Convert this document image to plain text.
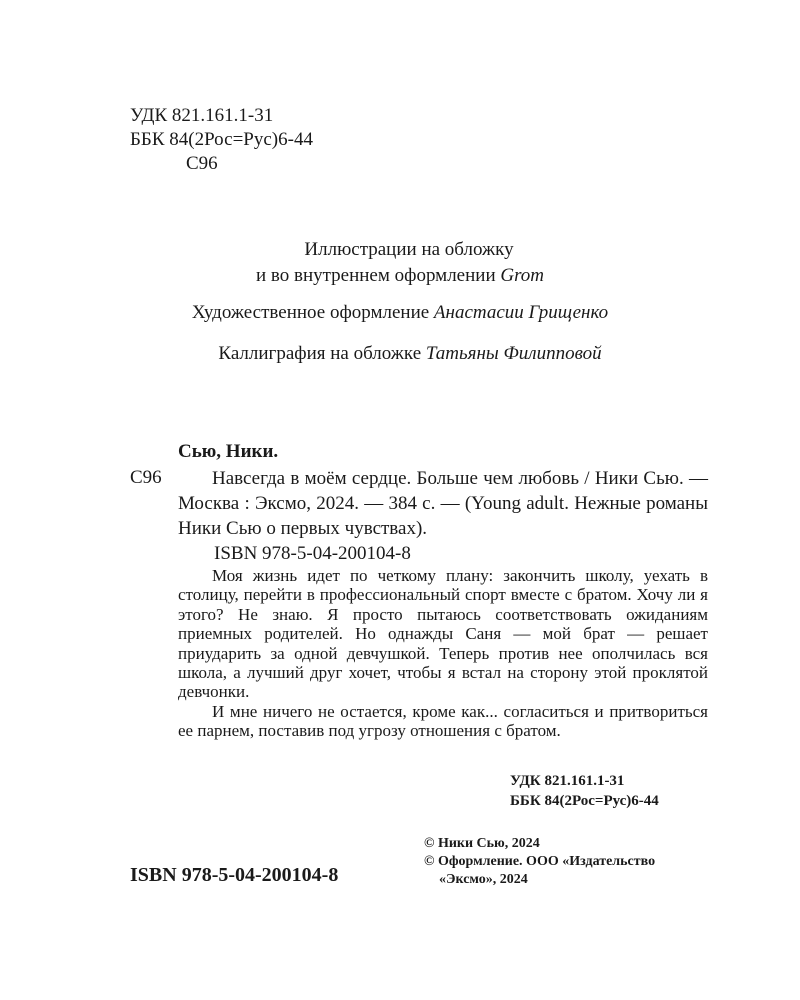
УДК 821.161.1-31
ББК 84(2Рос=Рус)6-44
С96
Иллюстрации на обложку
и во внутреннем оформлении Grom
Художественное оформление Анастасии Грищенко
Каллиграфия на обложке Татьяны Филипповой
Сью, Ники.
С96	Навсегда в моём сердце. Больше чем любовь / Ники Сью. — Москва : Эксмо, 2024. — 384 с. — (Young adult. Нежные романы Ники Сью о первых чувствах).
ISBN 978-5-04-200104-8

Моя жизнь идет по четкому плану: закончить школу, уехать в столицу, перейти в профессиональный спорт вместе с братом. Хочу ли я этого? Не знаю. Я просто пытаюсь соответствовать ожиданиям приемных родителей. Но однажды Саня — мой брат — решает приударить за одной девчушкой. Теперь против нее ополчилась вся школа, а лучший друг хочет, чтобы я встал на сторону этой проклятой девчонки.

И мне ничего не остается, кроме как... согласиться и притвориться ее парнем, поставив под угрозу отношения с братом.

УДК 821.161.1-31
ББК 84(2Рос=Рус)6-44
ISBN 978-5-04-200104-8
© Ники Сью, 2024
© Оформление. ООО «Издательство
«Эксмо», 2024
